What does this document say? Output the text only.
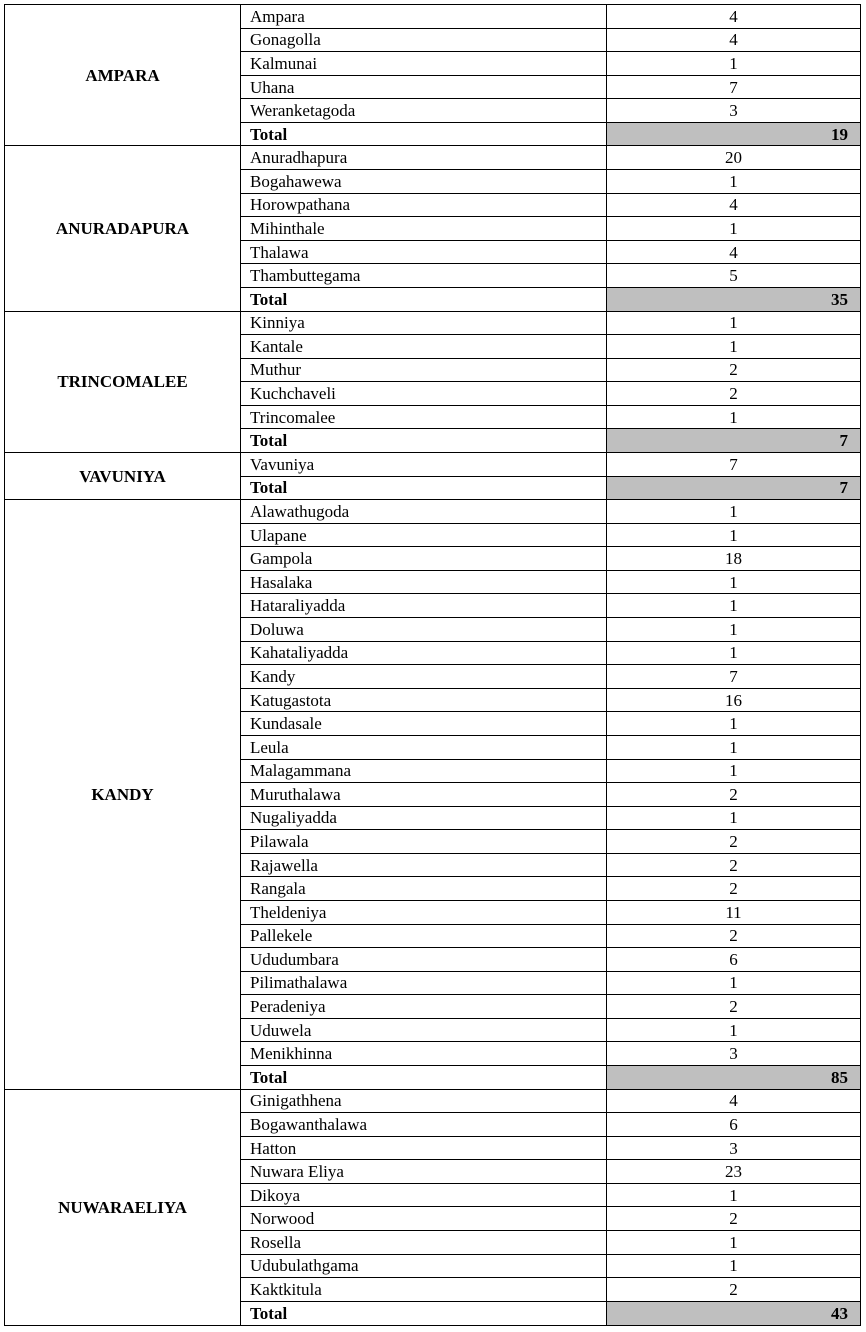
AMPARA	Ampara	4
	Gonagolla	4
	Kalmunai	1
	Uhana	7
	Weranketagoda	3
	Total	19
ANURADAPURA	Anuradhapura	20
	Bogahawewa	1
	Horowpathana	4
	Mihinthale	1
	Thalawa	4
	Thambuttegama	5
	Total	35
TRINCOMALEE	Kinniya	1
	Kantale	1
	Muthur	2
	Kuchchaveli	2
	Trincomalee	1
	Total	7
VAVUNIYA	Vavuniya	7
	Total	7
KANDY	Alawathugoda	1
	Ulapane	1
	Gampola	18
	Hasalaka	1
	Hataraliyadda	1
	Doluwa	1
	Kahataliyadda	1
	Kandy	7
	Katugastota	16
	Kundasale	1
	Leula	1
	Malagammana	1
	Muruthalawa	2
	Nugaliyadda	1
	Pilawala	2
	Rajawella	2
	Rangala	2
	Theldeniya	11
	Pallekele	2
	Ududumbara	6
	Pilimathalawa	1
	Peradeniya	2
	Uduwela	1
	Menikhinna	3
	Total	85
NUWARAELIYA	Ginigathhena	4
	Bogawanthalawa	6
	Hatton	3
	Nuwara Eliya	23
	Dikoya	1
	Norwood	2
	Rosella	1
	Udubulathgama	1
	Kaktkitula	2
	Total	43
